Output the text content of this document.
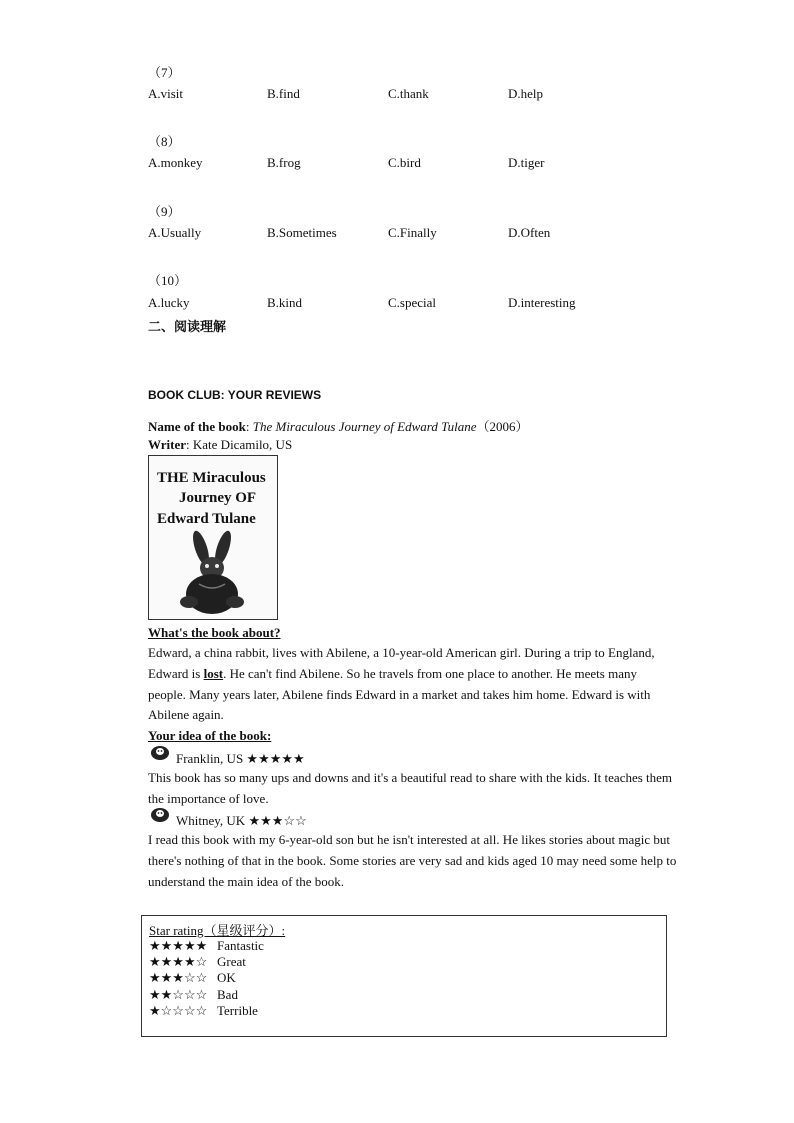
（7）
A.visit	B.find	C.thank	D.help
（8）
A.monkey	B.frog	C.bird	D.tiger
（9）
A.Usually	B.Sometimes	C.Finally	D.Often
（10）
A.lucky	B.kind	C.special	D.interesting
二、阅读理解
BOOK CLUB: YOUR REVIEWS
Name of the book: The Miraculous Journey of Edward Tulane（2006）
Writer: Kate Dicamilo, US
THE Miraculous
Journey OF
Edward Tulane
What's the book about?
Edward, a china rabbit, lives with Abilene, a 10-year-old American girl. During a trip to England, Edward is lost. He can't find Abilene. So he travels from one place to another. He meets many people. Many years later, Abilene finds Edward in a market and takes him home. Edward is with Abilene again.
Your idea of the book:
Franklin, US ★★★★★
This book has so many ups and downs and it's a beautiful read to share with the kids. It teaches them the importance of love.
Whitney, UK ★★★☆☆
I read this book with my 6-year-old son but he isn't interested at all. He likes stories about magic but there's nothing of that in the book. Some stories are very sad and kids aged 10 may need some help to understand the main idea of the book.
Star rating（星级评分）:
★★★★★ Fantastic
★★★★☆ Great
★★★☆☆ OK
★★☆☆☆ Bad
★☆☆☆☆ Terrible
